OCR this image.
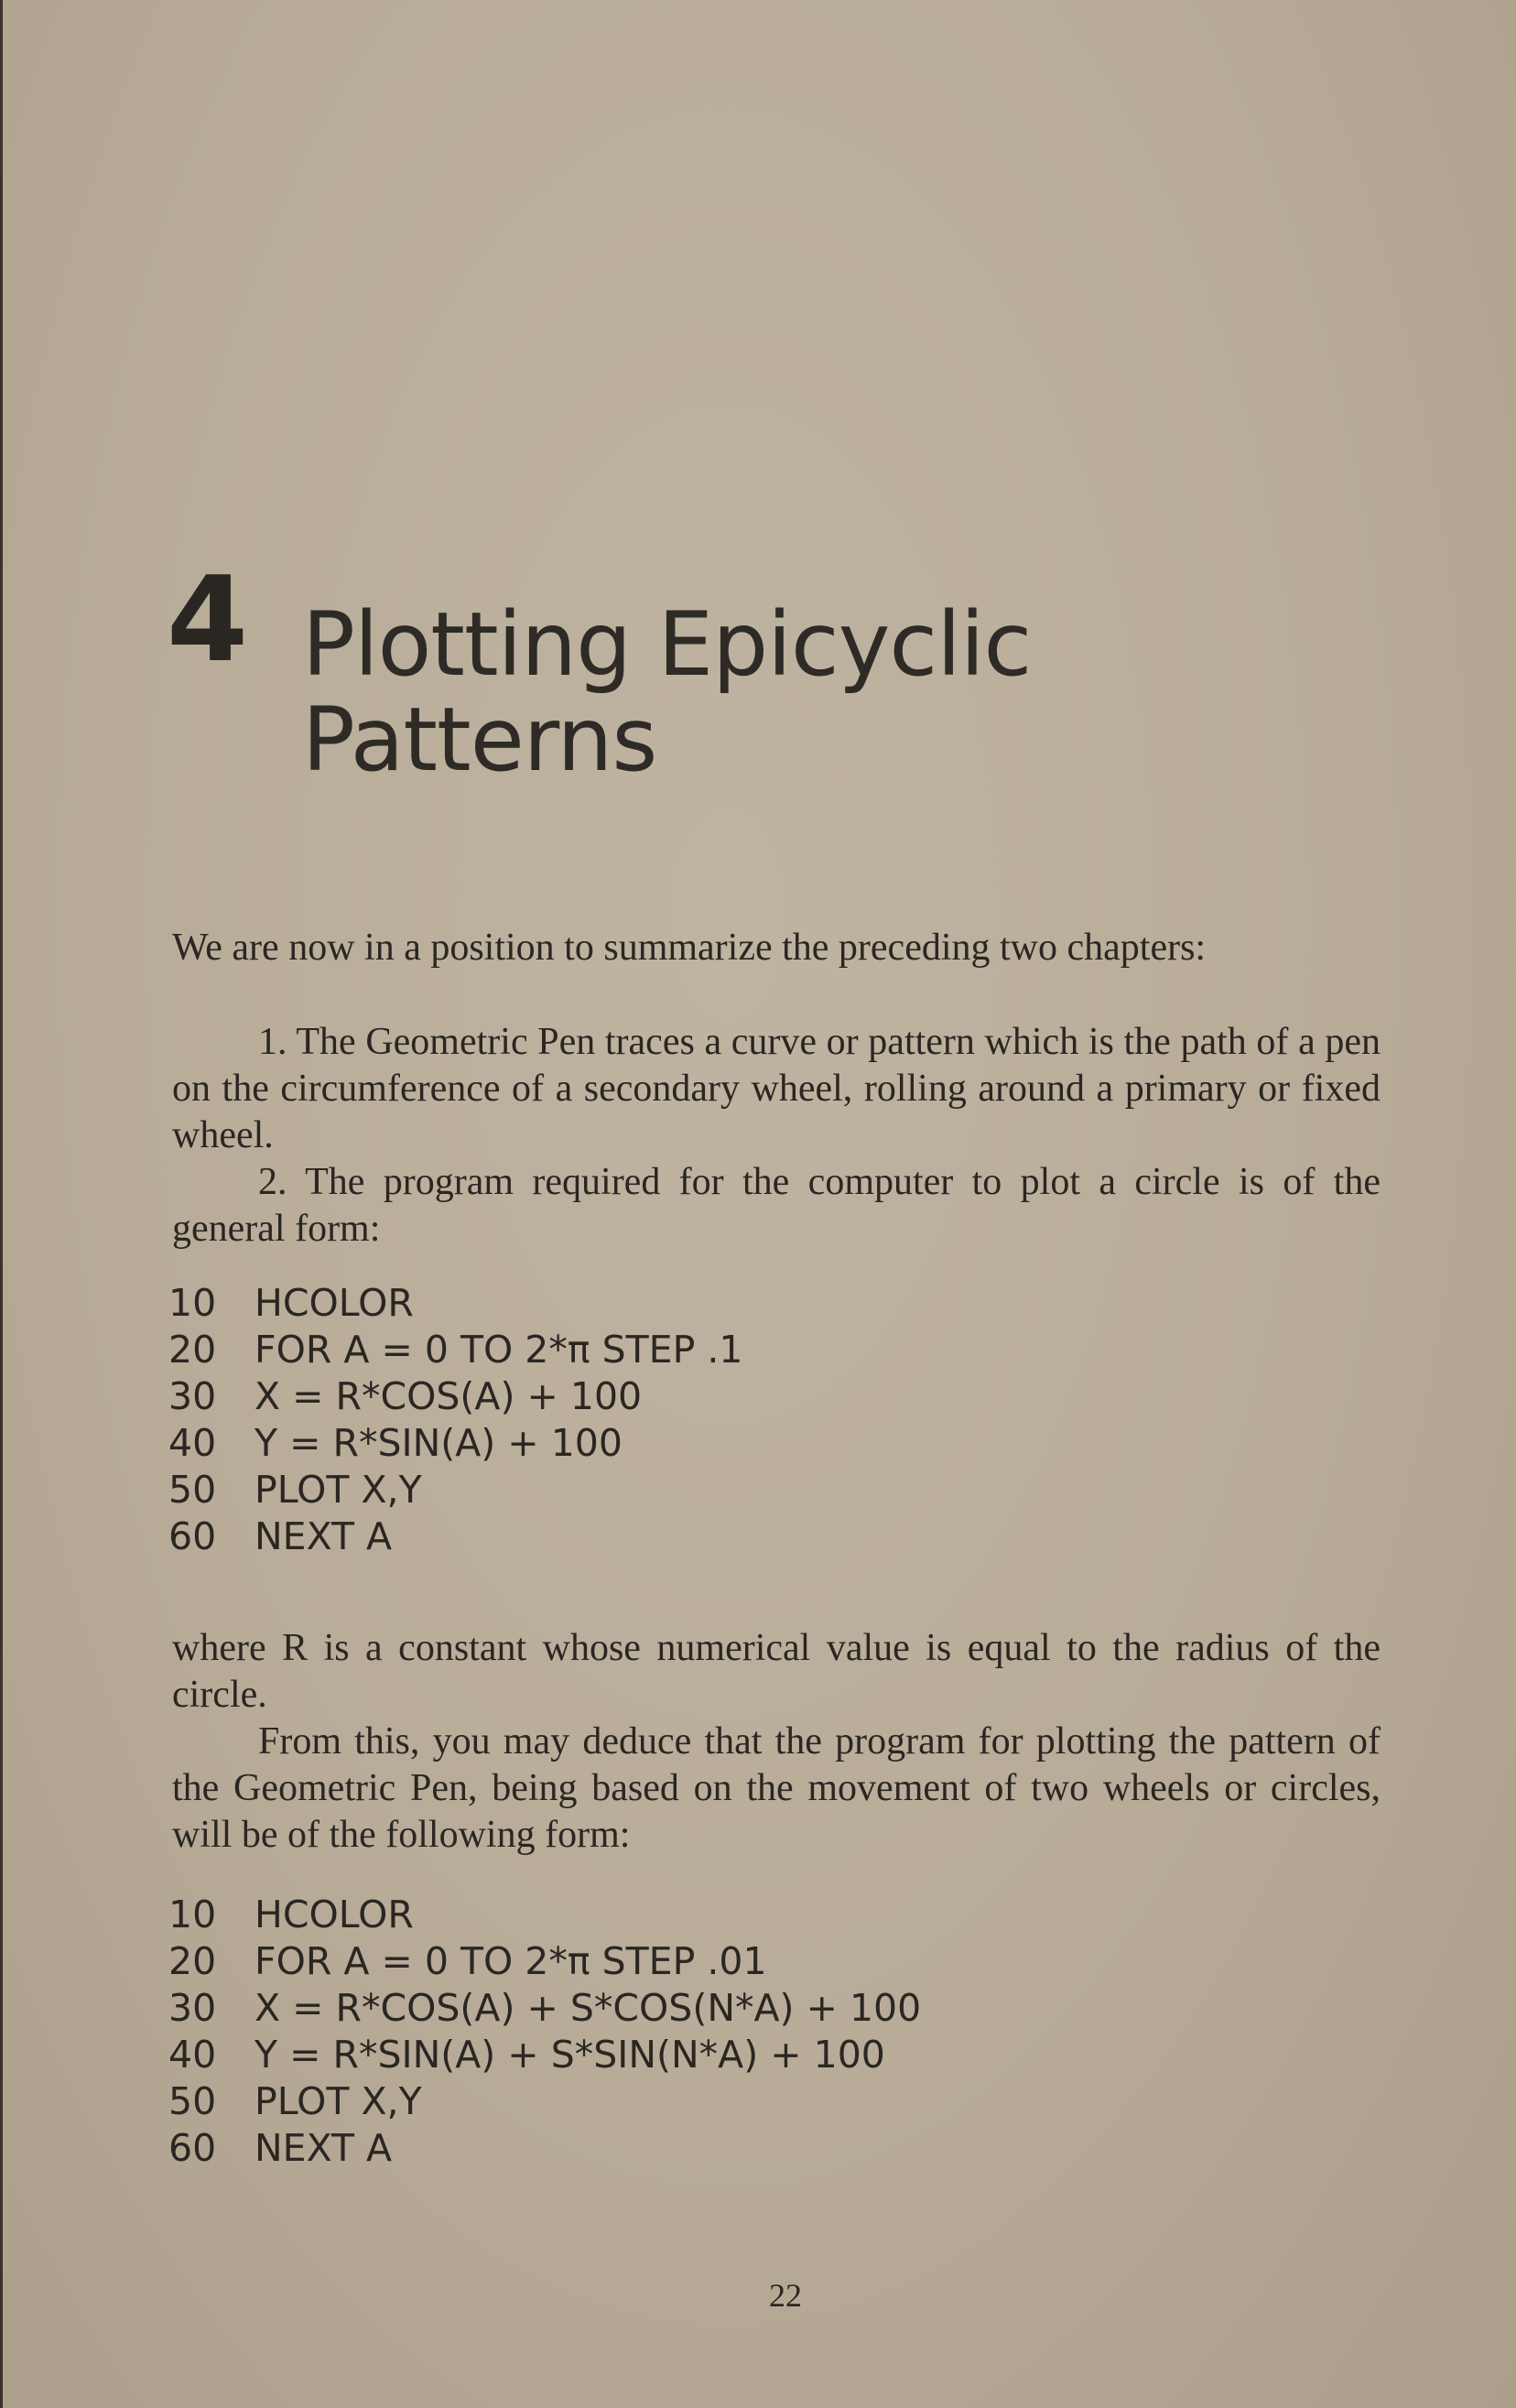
4 Plotting Epicyclic
Patterns

We are now in a position to summarize the preceding two chapters:

1. The Geometric Pen traces a curve or pattern which is the path of a pen on the circumference of a secondary wheel, rolling around a primary or fixed wheel.

2. The program required for the computer to plot a circle is of the general form:

10	HCOLOR
20	FOR A = 0 TO 2*π STEP .1
30	X = R*COS(A) + 100
40	Y = R*SIN(A) + 100
50	PLOT X,Y
60	NEXT A

where R is a constant whose numerical value is equal to the radius of the circle.

From this, you may deduce that the program for plotting the pattern of the Geometric Pen, being based on the movement of two wheels or circles, will be of the following form:

10	HCOLOR
20	FOR A = 0 TO 2*π STEP .01
30	X = R*COS(A) + S*COS(N*A) + 100
40	Y = R*SIN(A) + S*SIN(N*A) + 100
50	PLOT X,Y
60	NEXT A
22
